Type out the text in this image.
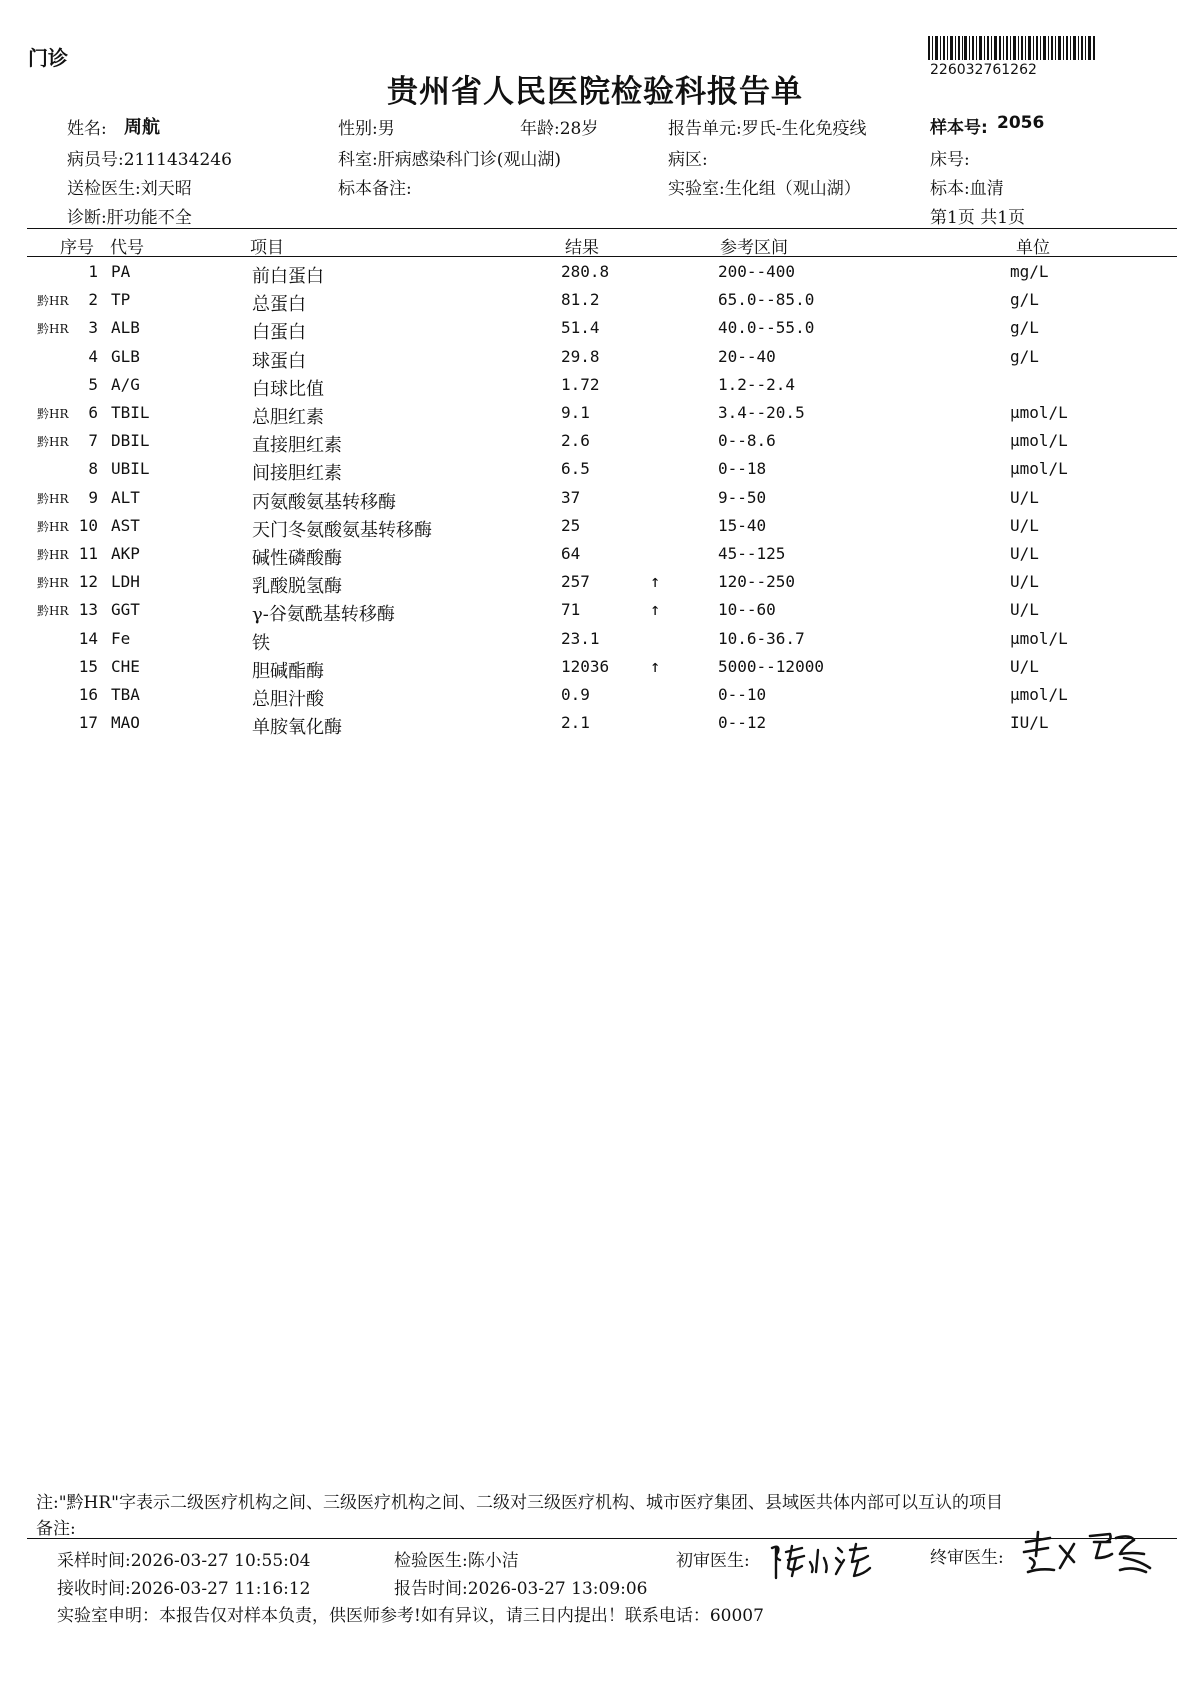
门诊	226032761262
贵州省人民医院检验科报告单
姓名: 周航	性别:男	年龄:28岁	报告单元:罗氏-生化免疫线	样本号: 2056
病员号:2111434246	科室:肝病感染科门诊(观山湖)	病区:	床号:
送检医生:刘天昭	标本备注:	实验室:生化组（观山湖）	标本:血清
诊断:肝功能不全	第1页 共1页
序号 代号	项目	结果	参考区间	单位
1 PA	前白蛋白	280.8	200--400	mg/L
黔HR	2 TP	总蛋白	81.2	65.0--85.0	g/L
黔HR	3 ALB	白蛋白	51.4	40.0--55.0	g/L
4 GLB	球蛋白	29.8	20--40	g/L
5 A/G	白球比值	1.72	1.2--2.4
黔HR	6 TBIL	总胆红素	9.1	3.4--20.5	μmol/L
黔HR	7 DBIL	直接胆红素	2.6	0--8.6	μmol/L
8 UBIL	间接胆红素	6.5	0--18	μmol/L
黔HR	9 ALT	丙氨酸氨基转移酶	37	9--50	U/L
黔HR 10 AST	天门冬氨酸氨基转移酶	25	15-40	U/L
黔HR 11 AKP	碱性磷酸酶	64	45--125	U/L
黔HR 12 LDH	乳酸脱氢酶	257	↑	120--250	U/L
黔HR 13 GGT	γ-谷氨酰基转移酶	71	↑	10--60	U/L
14 Fe	铁	23.1	10.6-36.7	μmol/L
15 CHE	胆碱酯酶	12036 ↑	5000--12000	U/L
16 TBA	总胆汁酸	0.9	0--10	μmol/L
17 MAO	单胺氧化酶	2.1	0--12	IU/L
注:"黔HR"字表示二级医疗机构之间、三级医疗机构之间、二级对三级医疗机构、城市医疗集团、县域医共体内部可以互认的项目
备注:
采样时间:2026-03-27 10:55:04	检验医生:陈小洁	初审医生:	终审医生:
接收时间:2026-03-27 11:16:12	报告时间:2026-03-27 13:09:06
实验室申明：本报告仅对样本负责，供医师参考!如有异议，请三日内提出！联系电话：60007
